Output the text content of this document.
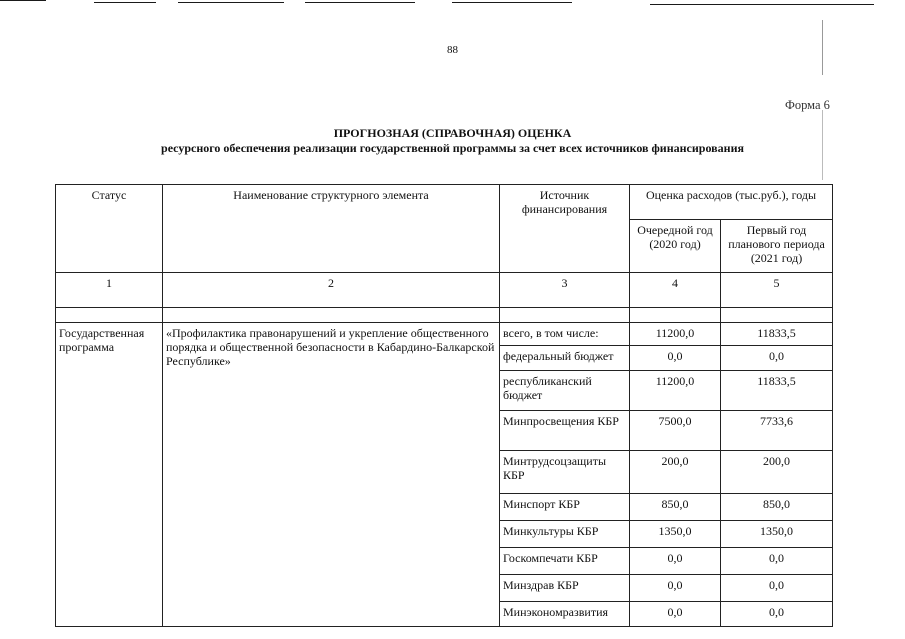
88
Форма 6
ПРОГНОЗНАЯ (СПРАВОЧНАЯ) ОЦЕНКА
ресурсного обеспечения реализации государственной программы за счет всех источников финансирования
Статус	Наименование структурного элемента	Источник финансирования	Оценка расходов (тыс.руб.), годы	
			Очередной год (2020 год)	Первый год планового периода (2021 год)
1	2	3	4	5

Государственная программа	«Профилактика правонарушений и укрепление общественного порядка и общественной безопасности в Кабардино-Балкарской Республике»	всего, в том числе:	11200,0	11833,5
		федеральный бюджет	0,0	0,0
		республиканский бюджет	11200,0	11833,5
		Минпросвещения КБР	7500,0	7733,6
		Минтрудсоцзащиты КБР	200,0	200,0
		Минспорт КБР	850,0	850,0
		Минкультуры КБР	1350,0	1350,0
		Госкомпечати КБР	0,0	0,0
		Минздрав КБР	0,0	0,0
		Минэкономразвития	0,0	0,0
